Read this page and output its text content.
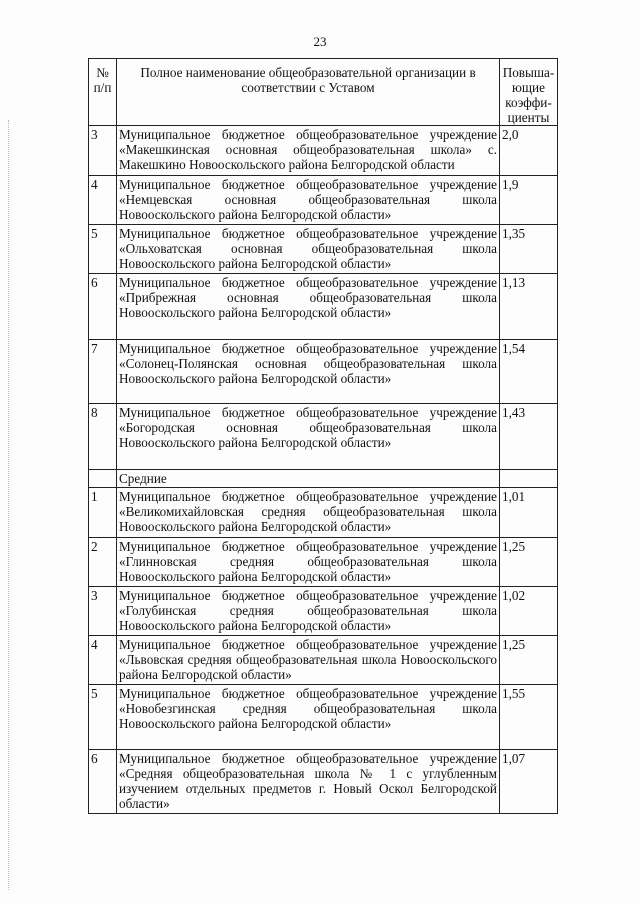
23
№ п/п	Полное наименование общеобразовательной организации в соответствии с Уставом	Повыша-ющие коэффи-циенты
3	Муниципальное бюджетное общеобразовательное учреждение «Макешкинская основная общеобразовательная школа» с. Макешкино Новооскольского района Белгородской области	2,0
4	Муниципальное бюджетное общеобразовательное учреждение «Немцевская основная общеобразовательная школа Новооскольского района Белгородской области»	1,9
5	Муниципальное бюджетное общеобразовательное учреждение «Ольховатская основная общеобразовательная школа Новооскольского района Белгородской области»	1,35
6	Муниципальное бюджетное общеобразовательное учреждение «Прибрежная основная общеобразовательная школа Новооскольского района Белгородской области»	1,13
7	Муниципальное бюджетное общеобразовательное учреждение «Солонец-Полянская основная общеобразовательная школа Новооскольского района Белгородской области»	1,54
8	Муниципальное бюджетное общеобразовательное учреждение «Богородская основная общеобразовательная школа Новооскольского района Белгородской области»	1,43
	Средние	
1	Муниципальное бюджетное общеобразовательное учреждение «Великомихайловская средняя общеобразовательная школа Новооскольского района Белгородской области»	1,01
2	Муниципальное бюджетное общеобразовательное учреждение «Глинновская средняя общеобразовательная школа Новооскольского района Белгородской области»	1,25
3	Муниципальное бюджетное общеобразовательное учреждение «Голубинская средняя общеобразовательная школа Новооскольского района Белгородской области»	1,02
4	Муниципальное бюджетное общеобразовательное учреждение «Львовская средняя общеобразовательная школа Новооскольского района Белгородской области»	1,25
5	Муниципальное бюджетное общеобразовательное учреждение «Новобезгинская средняя общеобразовательная школа Новооскольского района Белгородской области»	1,55
6	Муниципальное бюджетное общеобразовательное учреждение «Средняя общеобразовательная школа № 1 с углубленным изучением отдельных предметов г. Новый Оскол Белгородской области»	1,07
